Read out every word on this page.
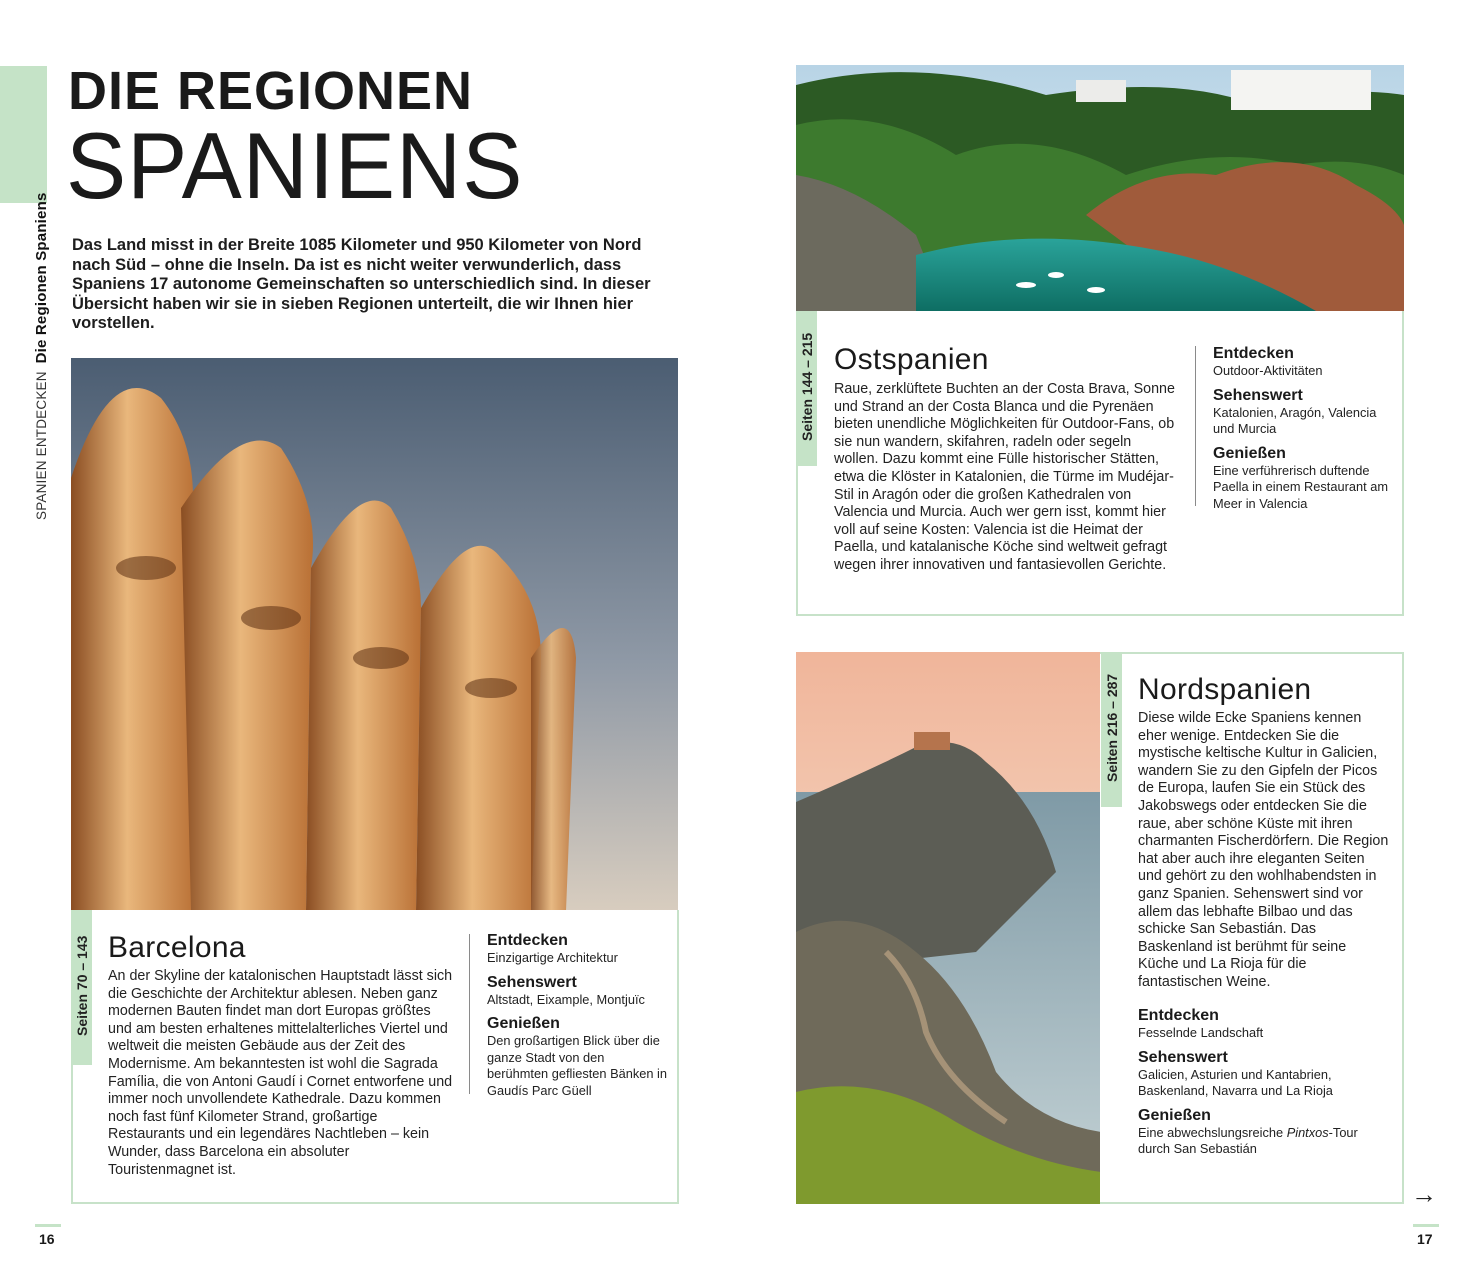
SPANIEN ENTDECKEN  Die Regionen Spaniens
DIE REGIONEN
SPANIENS
Das Land misst in der Breite 1085 Kilometer und 950 Kilometer von Nord nach Süd – ohne die Inseln. Da ist es nicht weiter verwunderlich, dass Spaniens 17 autonome Gemeinschaften so unterschiedlich sind. In dieser Übersicht haben wir sie in sieben Regionen unterteilt, die wir Ihnen hier vorstellen.
Seiten 70 – 143 Barcelona
An der Skyline der katalonischen Hauptstadt lässt sich die Geschichte der Architektur ablesen. Neben ganz modernen Bauten findet man dort Europas größtes und am besten erhaltenes mittelalterliches Viertel und weltweit die meisten Gebäude aus der Zeit des Modernisme. Am bekanntesten ist wohl die Sagrada Família, die von Antoni Gaudí i Cornet entworfene und immer noch unvollendete Kathedrale. Dazu kommen noch fast fünf Kilometer Strand, großartige Restaurants und ein legendäres Nachtleben – kein Wunder, dass Barcelona ein absoluter Touristenmagnet ist.
Entdecken
Einzigartige Architektur
Sehenswert
Altstadt, Eixample, Montjuïc
Genießen
Den großartigen Blick über die ganze Stadt von den berühmten gefliesten Bänken in Gaudís Parc Güell
16
Seiten 144 – 215 Ostspanien
Raue, zerklüftete Buchten an der Costa Brava, Sonne und Strand an der Costa Blanca und die Pyrenäen bieten unendliche Möglichkeiten für Outdoor-Fans, ob sie nun wandern, skifahren, radeln oder segeln wollen. Dazu kommt eine Fülle historischer Stätten, etwa die Klöster in Katalonien, die Türme im Mudéjar-Stil in Aragón oder die großen Kathedralen von Valencia und Murcia. Auch wer gern isst, kommt hier voll auf seine Kosten: Valencia ist die Heimat der Paella, und katalanische Köche sind weltweit gefragt wegen ihrer innovativen und fantasievollen Gerichte.
Entdecken
Outdoor-Aktivitäten
Sehenswert
Katalonien, Aragón, Valencia und Murcia
Genießen
Eine verführerisch duftende Paella in einem Restaurant am Meer in Valencia
Seiten 216 – 287 Nordspanien
Diese wilde Ecke Spaniens kennen eher wenige. Entdecken Sie die mystische keltische Kultur in Galicien, wandern Sie zu den Gipfeln der Picos de Europa, laufen Sie ein Stück des Jakobswegs oder entdecken Sie die raue, aber schöne Küste mit ihren charmanten Fischerdörfern. Die Region hat aber auch ihre eleganten Seiten und gehört zu den wohlhabendsten in ganz Spanien. Sehenswert sind vor allem das lebhafte Bilbao und das schicke San Sebastián. Das Baskenland ist berühmt für seine Küche und La Rioja für die fantastischen Weine.
Entdecken
Fesselnde Landschaft
Sehenswert
Galicien, Asturien und Kantabrien, Baskenland, Navarra und La Rioja
Genießen
Eine abwechslungsreiche Pintxos-Tour durch San Sebastián
→
17
